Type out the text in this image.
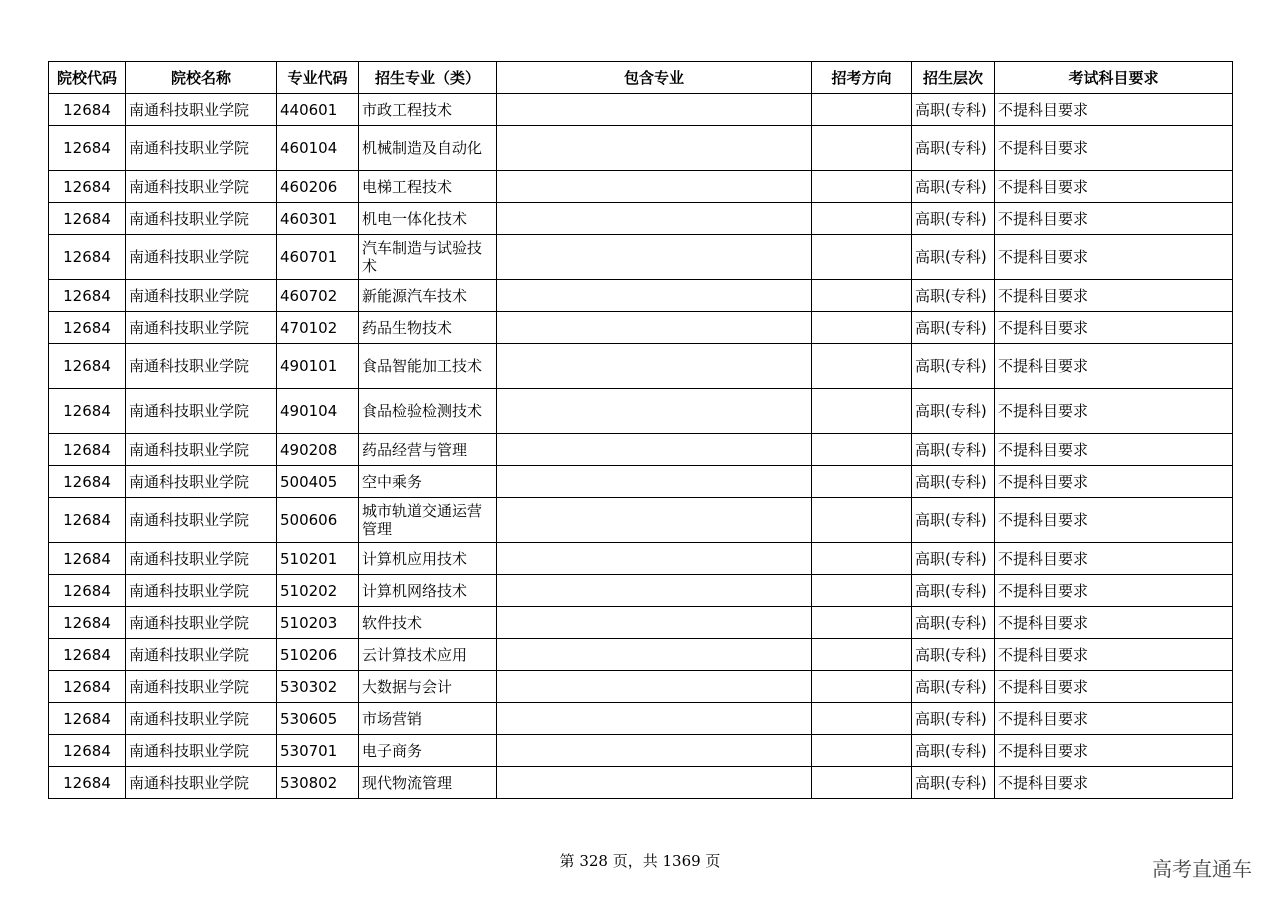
院校代码	院校名称	专业代码	招生专业（类）	包含专业	招考方向	招生层次	考试科目要求
12684	南通科技职业学院	440601	市政工程技术			高职(专科)	不提科目要求
12684	南通科技职业学院	460104	机械制造及自动化			高职(专科)	不提科目要求
12684	南通科技职业学院	460206	电梯工程技术			高职(专科)	不提科目要求
12684	南通科技职业学院	460301	机电一体化技术			高职(专科)	不提科目要求
12684	南通科技职业学院	460701	汽车制造与试验技术			高职(专科)	不提科目要求
12684	南通科技职业学院	460702	新能源汽车技术			高职(专科)	不提科目要求
12684	南通科技职业学院	470102	药品生物技术			高职(专科)	不提科目要求
12684	南通科技职业学院	490101	食品智能加工技术			高职(专科)	不提科目要求
12684	南通科技职业学院	490104	食品检验检测技术			高职(专科)	不提科目要求
12684	南通科技职业学院	490208	药品经营与管理			高职(专科)	不提科目要求
12684	南通科技职业学院	500405	空中乘务			高职(专科)	不提科目要求
12684	南通科技职业学院	500606	城市轨道交通运营管理			高职(专科)	不提科目要求
12684	南通科技职业学院	510201	计算机应用技术			高职(专科)	不提科目要求
12684	南通科技职业学院	510202	计算机网络技术			高职(专科)	不提科目要求
12684	南通科技职业学院	510203	软件技术			高职(专科)	不提科目要求
12684	南通科技职业学院	510206	云计算技术应用			高职(专科)	不提科目要求
12684	南通科技职业学院	530302	大数据与会计			高职(专科)	不提科目要求
12684	南通科技职业学院	530605	市场营销			高职(专科)	不提科目要求
12684	南通科技职业学院	530701	电子商务			高职(专科)	不提科目要求
12684	南通科技职业学院	530802	现代物流管理			高职(专科)	不提科目要求
第 328 页，共 1369 页	高考直通车
